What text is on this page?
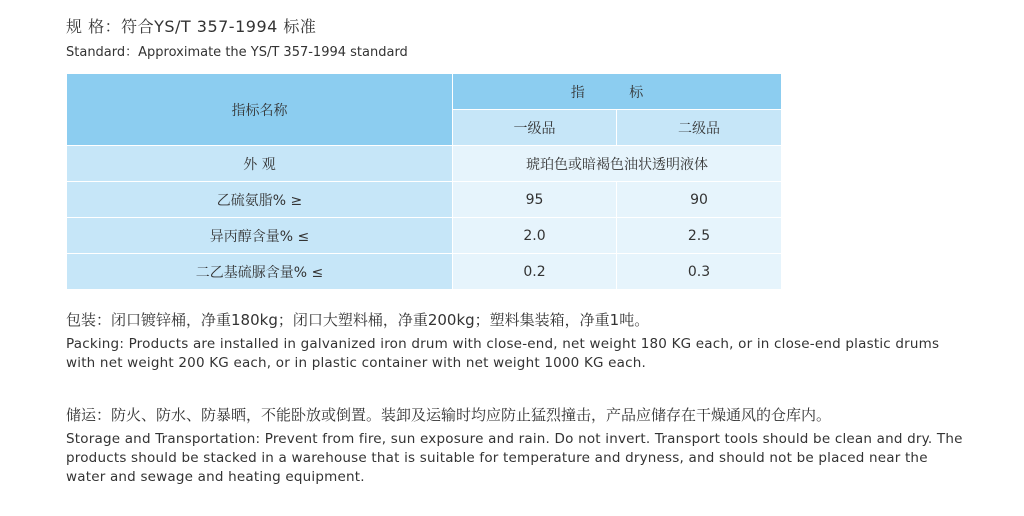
规 格：符合YS/T 357-1994 标准
Standard：Approximate the YS/T 357-1994 standard
指标名称	指 标	
	一级品	二级品
外 观	琥珀色或暗褐色油状透明液体	
乙硫氨脂% ≥	95	90
异丙醇含量% ≤	2.0	2.5
二乙基硫脲含量% ≤	0.2	0.3
包装：闭口镀锌桶，净重180kg；闭口大塑料桶，净重200kg；塑料集装箱，净重1吨。
Packing: Products are installed in galvanized iron drum with close-end, net weight 180 KG each, or in close-end plastic drums with net weight 200 KG each, or in plastic container with net weight 1000 KG each.
储运：防火、防水、防暴晒，不能卧放或倒置。装卸及运输时均应防止猛烈撞击，产品应储存在干燥通风的仓库内。
Storage and Transportation: Prevent from fire, sun exposure and rain. Do not invert. Transport tools should be clean and dry. The products should be stacked in a warehouse that is suitable for temperature and dryness, and should not be placed near the water and sewage and heating equipment.
